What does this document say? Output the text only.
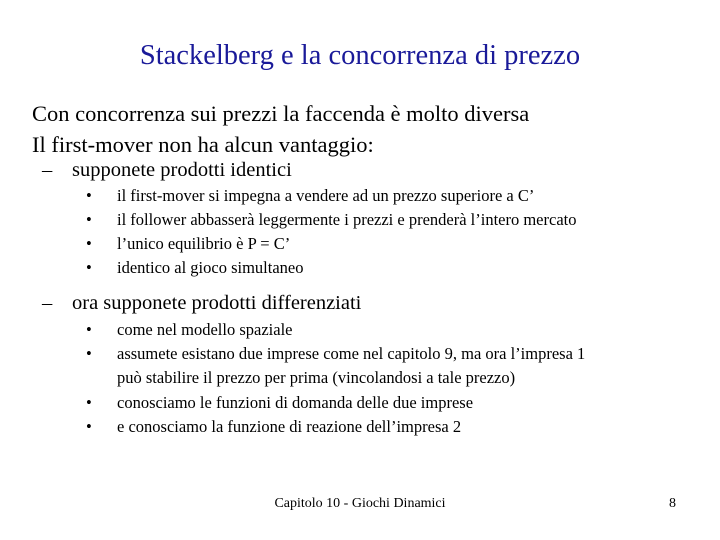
Stackelberg e la concorrenza di prezzo
Con concorrenza sui prezzi la faccenda è molto diversa
Il first-mover non ha alcun vantaggio:
– supponete prodotti identici
• il first-mover si impegna a vendere ad un prezzo superiore a C’
• il follower abbasserà leggermente i prezzi e prenderà l’intero mercato
• l’unico equilibrio è P = C’
• identico al gioco simultaneo
– ora supponete prodotti differenziati
• come nel modello spaziale
• assumete esistano due imprese come nel capitolo 9, ma ora l’impresa 1
può stabilire il prezzo per prima (vincolandosi a tale prezzo)
• conosciamo le funzioni di domanda delle due imprese
• e conosciamo la funzione di reazione dell’impresa 2
Capitolo 10 - Giochi Dinamici	8
